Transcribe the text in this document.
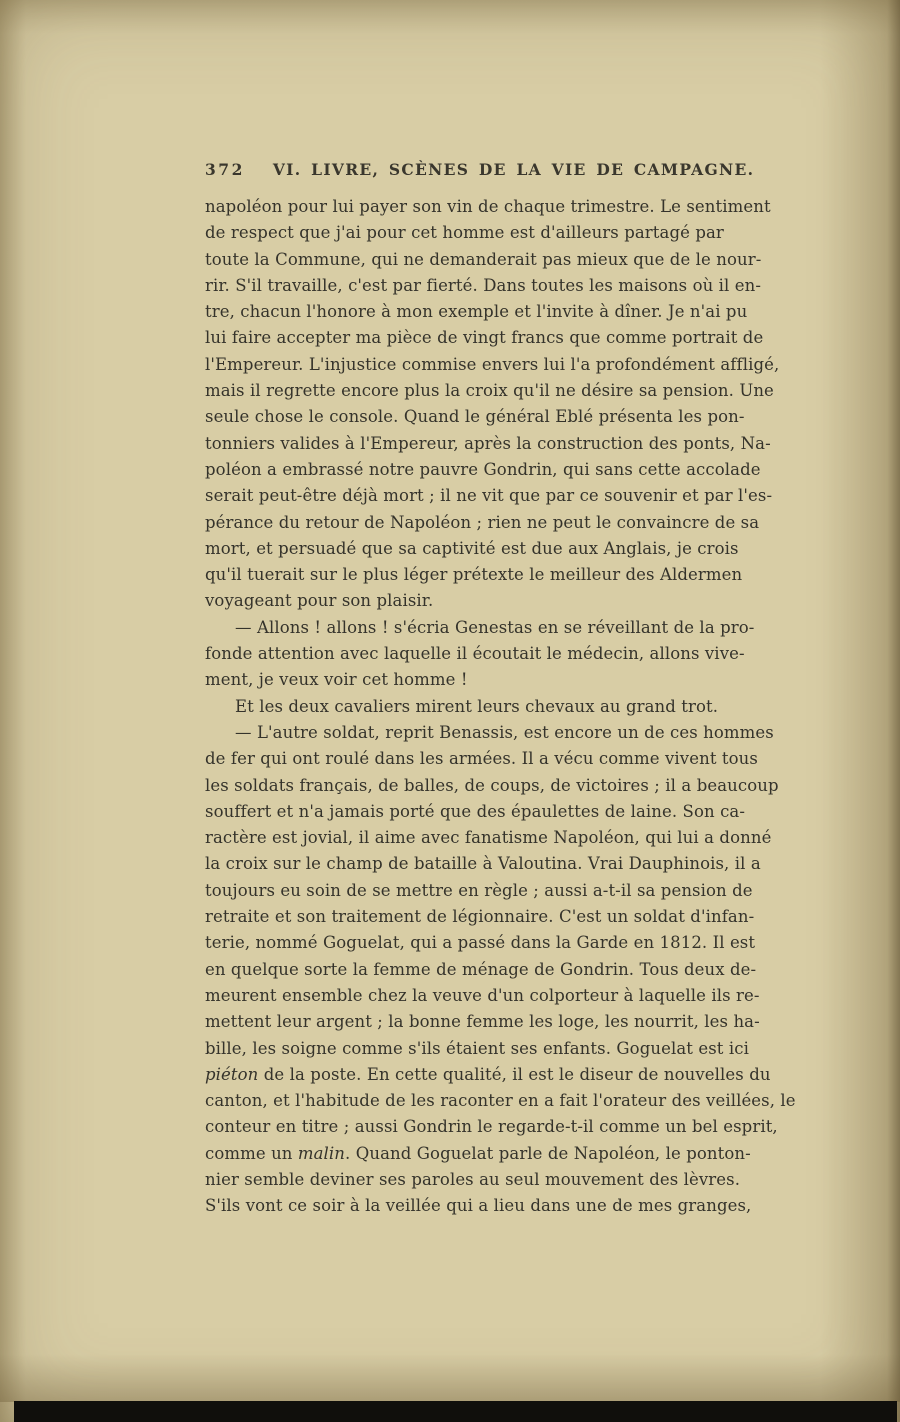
372 VI. LIVRE, SCÈNES DE LA VIE DE CAMPAGNE.
napoléon pour lui payer son vin de chaque trimestre. Le sentiment
de respect que j'ai pour cet homme est d'ailleurs partagé par
toute la Commune, qui ne demanderait pas mieux que de le nour-
rir. S'il travaille, c'est par fierté. Dans toutes les maisons où il en-
tre, chacun l'honore à mon exemple et l'invite à dîner. Je n'ai pu
lui faire accepter ma pièce de vingt francs que comme portrait de
l'Empereur. L'injustice commise envers lui l'a profondément affligé,
mais il regrette encore plus la croix qu'il ne désire sa pension. Une
seule chose le console. Quand le général Eblé présenta les pon-
tonniers valides à l'Empereur, après la construction des ponts, Na-
poléon a embrassé notre pauvre Gondrin, qui sans cette accolade
serait peut-être déjà mort ; il ne vit que par ce souvenir et par l'es-
pérance du retour de Napoléon ; rien ne peut le convaincre de sa
mort, et persuadé que sa captivité est due aux Anglais, je crois
qu'il tuerait sur le plus léger prétexte le meilleur des Aldermen
voyageant pour son plaisir.
— Allons ! allons ! s'écria Genestas en se réveillant de la pro-
fonde attention avec laquelle il écoutait le médecin, allons vive-
ment, je veux voir cet homme !
Et les deux cavaliers mirent leurs chevaux au grand trot.
— L'autre soldat, reprit Benassis, est encore un de ces hommes
de fer qui ont roulé dans les armées. Il a vécu comme vivent tous
les soldats français, de balles, de coups, de victoires ; il a beaucoup
souffert et n'a jamais porté que des épaulettes de laine. Son ca-
ractère est jovial, il aime avec fanatisme Napoléon, qui lui a donné
la croix sur le champ de bataille à Valoutina. Vrai Dauphinois, il a
toujours eu soin de se mettre en règle ; aussi a-t-il sa pension de
retraite et son traitement de légionnaire. C'est un soldat d'infan-
terie, nommé Goguelat, qui a passé dans la Garde en 1812. Il est
en quelque sorte la femme de ménage de Gondrin. Tous deux de-
meurent ensemble chez la veuve d'un colporteur à laquelle ils re-
mettent leur argent ; la bonne femme les loge, les nourrit, les ha-
bille, les soigne comme s'ils étaient ses enfants. Goguelat est ici
piéton de la poste. En cette qualité, il est le diseur de nouvelles du
canton, et l'habitude de les raconter en a fait l'orateur des veillées, le
conteur en titre ; aussi Gondrin le regarde-t-il comme un bel esprit,
comme un malin. Quand Goguelat parle de Napoléon, le ponton-
nier semble deviner ses paroles au seul mouvement des lèvres.
S'ils vont ce soir à la veillée qui a lieu dans une de mes granges,
